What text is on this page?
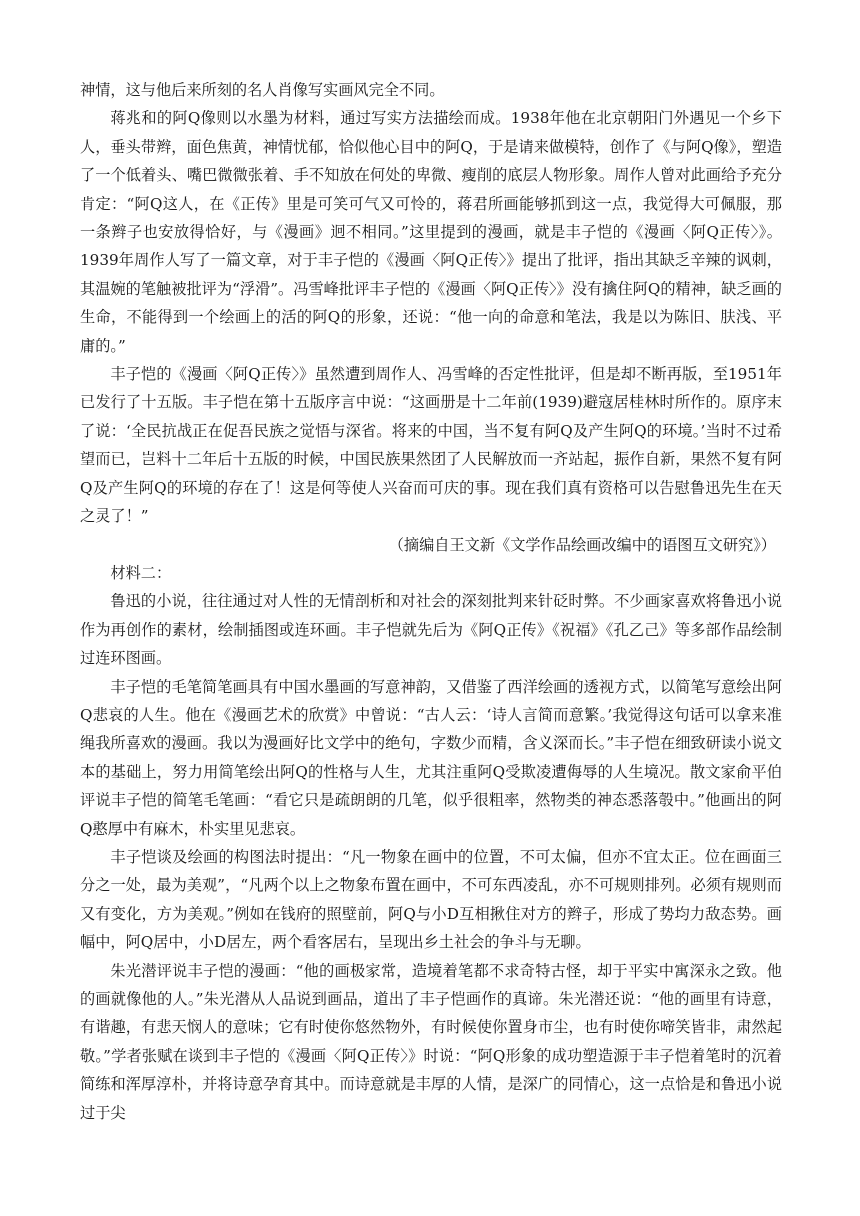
神情，这与他后来所刻的名人肖像写实画风完全不同。

蒋兆和的阿Q像则以水墨为材料，通过写实方法描绘而成。1938年他在北京朝阳门外遇见一个乡下人，垂头带辫，面色焦黄，神情忧郁，恰似他心目中的阿Q，于是请来做模特，创作了《与阿Q像》，塑造了一个低着头、嘴巴微微张着、手不知放在何处的卑微、瘦削的底层人物形象。周作人曾对此画给予充分肯定：“阿Q这人，在《正传》里是可笑可气又可怜的，蒋君所画能够抓到这一点，我觉得大可佩服，那一条辫子也安放得恰好，与《漫画》迥不相同。”这里提到的漫画，就是丰子恺的《漫画〈阿Q正传〉》。1939年周作人写了一篇文章，对于丰子恺的《漫画〈阿Q正传〉》提出了批评，指出其缺乏辛辣的讽刺，其温婉的笔触被批评为“浮滑”。冯雪峰批评丰子恺的《漫画〈阿Q正传〉》没有擒住阿Q的精神，缺乏画的生命，不能得到一个绘画上的活的阿Q的形象，还说：“他一向的命意和笔法，我是以为陈旧、肤浅、平庸的。”

丰子恺的《漫画〈阿Q正传〉》虽然遭到周作人、冯雪峰的否定性批评，但是却不断再版，至1951年已发行了十五版。丰子恺在第十五版序言中说：“这画册是十二年前(1939)避寇居桂林时所作的。原序末了说：‘全民抗战正在促吾民族之觉悟与深省。将来的中国，当不复有阿Q及产生阿Q的环境。’当时不过希望而已，岂料十二年后十五版的时候，中国民族果然团了人民解放而一齐站起，振作自新，果然不复有阿Q及产生阿Q的环境的存在了！这是何等使人兴奋而可庆的事。现在我们真有资格可以告慰鲁迅先生在天之灵了！”

（摘编自王文新《文学作品绘画改编中的语图互文研究》）

材料二：

鲁迅的小说，往往通过对人性的无情剖析和对社会的深刻批判来针砭时弊。不少画家喜欢将鲁迅小说作为再创作的素材，绘制插图或连环画。丰子恺就先后为《阿Q正传》《祝福》《孔乙己》等多部作品绘制过连环图画。

丰子恺的毛笔简笔画具有中国水墨画的写意神韵，又借鉴了西洋绘画的透视方式，以简笔写意绘出阿Q悲哀的人生。他在《漫画艺术的欣赏》中曾说：“古人云：‘诗人言简而意繁。’我觉得这句话可以拿来准绳我所喜欢的漫画。我以为漫画好比文学中的绝句，字数少而精，含义深而长。”丰子恺在细致研读小说文本的基础上，努力用简笔绘出阿Q的性格与人生，尤其注重阿Q受欺凌遭侮辱的人生境况。散文家俞平伯评说丰子恺的简笔毛笔画：“看它只是疏朗朗的几笔，似乎很粗率，然物类的神态悉落彀中。”他画出的阿Q憨厚中有麻木，朴实里见悲哀。

丰子恺谈及绘画的构图法时提出：“凡一物象在画中的位置，不可太偏，但亦不宜太正。位在画面三分之一处，最为美观”，“凡两个以上之物象布置在画中，不可东西凌乱，亦不可规则排列。必须有规则而又有变化，方为美观。”例如在钱府的照壁前，阿Q与小D互相揪住对方的辫子，形成了势均力敌态势。画幅中，阿Q居中，小D居左，两个看客居右，呈现出乡土社会的争斗与无聊。

朱光潜评说丰子恺的漫画：“他的画极家常，造境着笔都不求奇特古怪，却于平实中寓深永之致。他的画就像他的人。”朱光潜从人品说到画品，道出了丰子恺画作的真谛。朱光潜还说：“他的画里有诗意，有谐趣，有悲天悯人的意味；它有时使你悠然物外，有时候使你置身市尘，也有时使你啼笑皆非，肃然起敬。”学者张赋在谈到丰子恺的《漫画〈阿Q正传〉》时说：“阿Q形象的成功塑造源于丰子恺着笔时的沉着简练和浑厚淳朴，并将诗意孕育其中。而诗意就是丰厚的人情，是深广的同情心，这一点恰是和鲁迅小说过于尖
